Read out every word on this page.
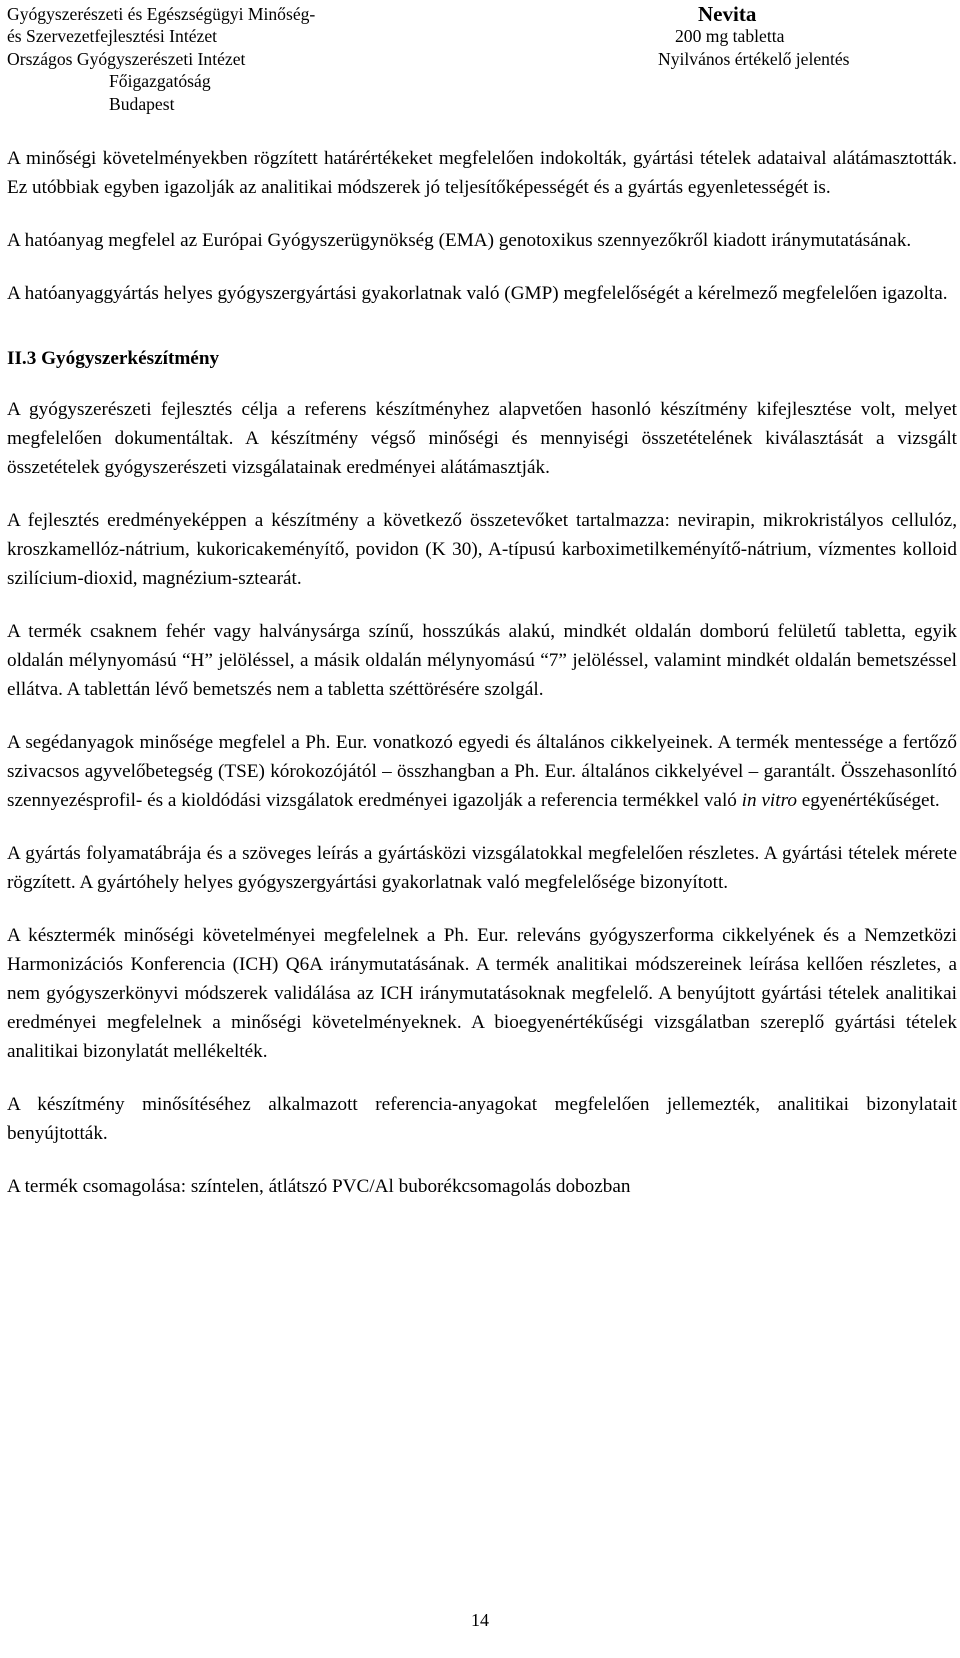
Gyógyszerészeti és Egészségügyi Minőség-
és Szervezetfejlesztési Intézet
Országos Gyógyszerészeti Intézet
Főigazgatóság
Budapest
Nevita
200 mg tabletta
Nyilvános értékelő jelentés

A minőségi követelményekben rögzített határértékeket megfelelően indokolták, gyártási tételek adataival alátámasztották. Ez utóbbiak egyben igazolják az analitikai módszerek jó teljesítőképességét és a gyártás egyenletességét is.

A hatóanyag megfelel az Európai Gyógyszerügynökség (EMA) genotoxikus szennyezőkről kiadott iránymutatásának.

A hatóanyaggyártás helyes gyógyszergyártási gyakorlatnak való (GMP) megfelelőségét a kérelmező megfelelően igazolta.

II.3 Gyógyszerkészítmény

A gyógyszerészeti fejlesztés célja a referens készítményhez alapvetően hasonló készítmény kifejlesztése volt, melyet megfelelően dokumentáltak. A készítmény végső minőségi és mennyiségi összetételének kiválasztását a vizsgált összetételek gyógyszerészeti vizsgálatainak eredményei alátámasztják.

A fejlesztés eredményeképpen a készítmény a következő összetevőket tartalmazza: nevirapin, mikrokristályos cellulóz, kroszkamellóz-nátrium, kukoricakeményítő, povidon (K 30), A-típusú karboximetilkeményítő-nátrium, vízmentes kolloid szilícium-dioxid, magnézium-sztearát.

A termék csaknem fehér vagy halványsárga színű, hosszúkás alakú, mindkét oldalán domború felületű tabletta, egyik oldalán mélynyomású “H” jelöléssel, a másik oldalán mélynyomású “7” jelöléssel, valamint mindkét oldalán bemetszéssel ellátva. A tablettán lévő bemetszés nem a tabletta széttörésére szolgál.

A segédanyagok minősége megfelel a Ph. Eur. vonatkozó egyedi és általános cikkelyeinek. A termék mentessége a fertőző szivacsos agyvelőbetegség (TSE) kórokozójától – összhangban a Ph. Eur. általános cikkelyével – garantált. Összehasonlító szennyezésprofil- és a kioldódási vizsgálatok eredményei igazolják a referencia termékkel való in vitro egyenértékűséget.

A gyártás folyamatábrája és a szöveges leírás a gyártásközi vizsgálatokkal megfelelően részletes. A gyártási tételek mérete rögzített. A gyártóhely helyes gyógyszergyártási gyakorlatnak való megfelelősége bizonyított.

A késztermék minőségi követelményei megfelelnek a Ph. Eur. releváns gyógyszerforma cikkelyének és a Nemzetközi Harmonizációs Konferencia (ICH) Q6A iránymutatásának. A termék analitikai módszereinek leírása kellően részletes, a nem gyógyszerkönyvi módszerek validálása az ICH iránymutatásoknak megfelelő. A benyújtott gyártási tételek analitikai eredményei megfelelnek a minőségi követelményeknek. A bioegyenértékűségi vizsgálatban szereplő gyártási tételek analitikai bizonylatát mellékelték.

A készítmény minősítéséhez alkalmazott referencia-anyagokat megfelelően jellemezték, analitikai bizonylatait benyújtották.

A termék csomagolása: színtelen, átlátszó PVC/Al buborékcsomagolás dobozban

14
